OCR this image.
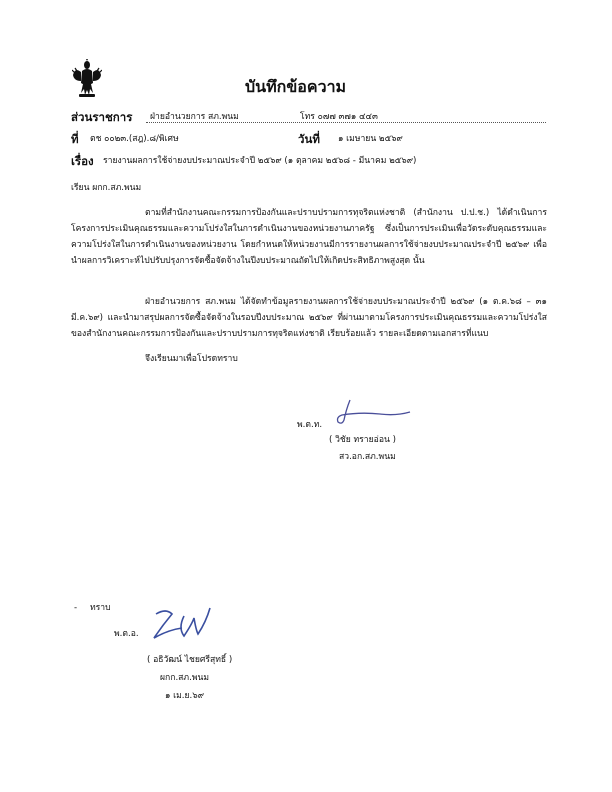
บันทึกข้อความ
ส่วนราชการ ฝ่ายอำนวยการ สภ.พนม	โทร ๐๗๗ ๓๗๑ ๔๔๓
ที่ ตช ๐๐๒๓.(สฎ).๘/พิเศษ	วันที่ ๑ เมษายน ๒๕๖๙
เรื่อง รายงานผลการใช้จ่ายงบประมาณประจำปี ๒๕๖๙ (๑ ตุลาคม ๒๕๖๘ - มีนาคม ๒๕๖๙)
เรียน ผกก.สภ.พนม
ตามที่สำนักงานคณะกรรมการป้องกันและปราบปรามการทุจริตแห่งชาติ (สำนักงาน ป.ป.ช.) ได้ดำเนินการโครงการประเมินคุณธรรมและความโปร่งใสในการดำเนินงานของหน่วยงานภาครัฐ ซึ่งเป็นการประเมินเพื่อวัดระดับคุณธรรมและความโปร่งใสในการดำเนินงานของหน่วยงาน โดยกำหนดให้หน่วยงานมีการรายงานผลการใช้จ่ายงบประมาณประจำปี ๒๕๖๙ เพื่อนำผลการวิเคราะห์ไปปรับปรุงการจัดซื้อจัดจ้างในปีงบประมาณถัดไปให้เกิดประสิทธิภาพสูงสุด นั้น
ฝ่ายอำนวยการ สภ.พนม ได้จัดทำข้อมูลรายงานผลการใช้จ่ายงบประมาณประจำปี ๒๕๖๙ (๑ ต.ค.๖๘ – ๓๑ มี.ค.๖๙) และนำมาสรุปผลการจัดซื้อจัดจ้างในรอบปีงบประมาณ ๒๕๖๙ ที่ผ่านมาตามโครงการประเมินคุณธรรมและความโปร่งใส ของสำนักงานคณะกรรมการป้องกันและปราบปรามการทุจริตแห่งชาติ เรียบร้อยแล้ว รายละเอียดตามเอกสารที่แนบ
จึงเรียนมาเพื่อโปรดทราบ
พ.ต.ท.
( วิชัย ทรายอ่อน )
สว.อก.สภ.พนม
- ทราบ
พ.ต.อ.
( อธิวัฒน์ ไชยศรีสุทธิ์ )
ผกก.สภ.พนม
๑ เม.ย.๖๙
